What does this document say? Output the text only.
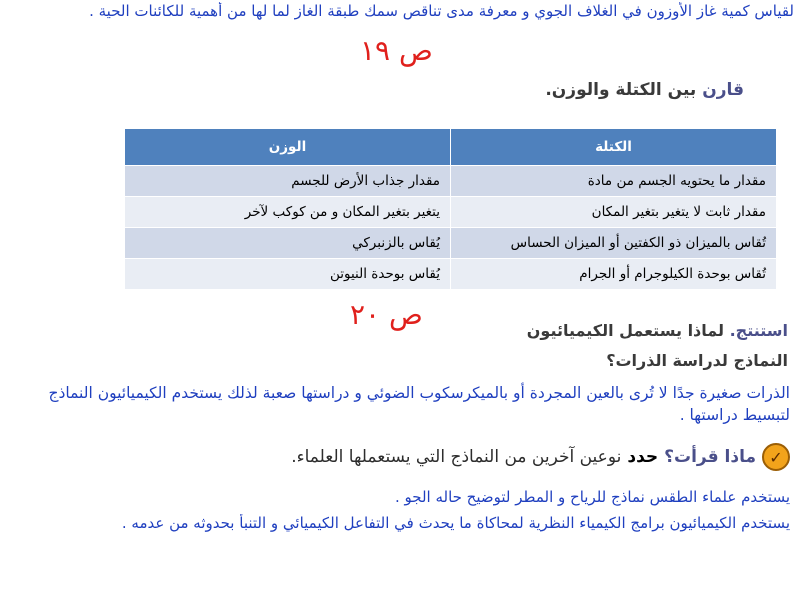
لقياس كمية غاز الأوزون في الغلاف الجوي و معرفة مدى تناقص سمك طبقة الغاز لما لها من أهمية للكائنات الحية .
ص ١٩
قارن بين الكتلة والوزن.
الكتلة	الوزن
مقدار ما يحتويه الجسم من مادة	مقدار جذاب الأرض للجسم
مقدار ثابت لا يتغير بتغير المكان	يتغير بتغير المكان و من كوكب لآخر
تُقاس بالميزان ذو الكفتين أو الميزان الحساس	يُقاس بالزنبركي
تُقاس بوحدة الكيلوجرام أو الجرام	يُقاس بوحدة النيوتن
ص ٢٠	استنتج. لماذا يستعمل الكيميائيون
النماذج لدراسة الذرات؟
الذرات صغيرة جدًا لا تُرى بالعين المجردة أو بالميكرسكوب الضوئي و دراستها صعبة لذلك يستخدم الكيميائيون النماذج لتبسيط دراستها .
✓
ماذا قرأت؟
حدد
نوعين آخرين من النماذج التي يستعملها العلماء.
يستخدم علماء الطقس نماذج للرياح و المطر لتوضيح حاله الجو .
يستخدم الكيميائيون برامج الكيمياء النظرية لمحاكاة ما يحدث في التفاعل الكيميائي و التنبأ بحدوثه من عدمه .
